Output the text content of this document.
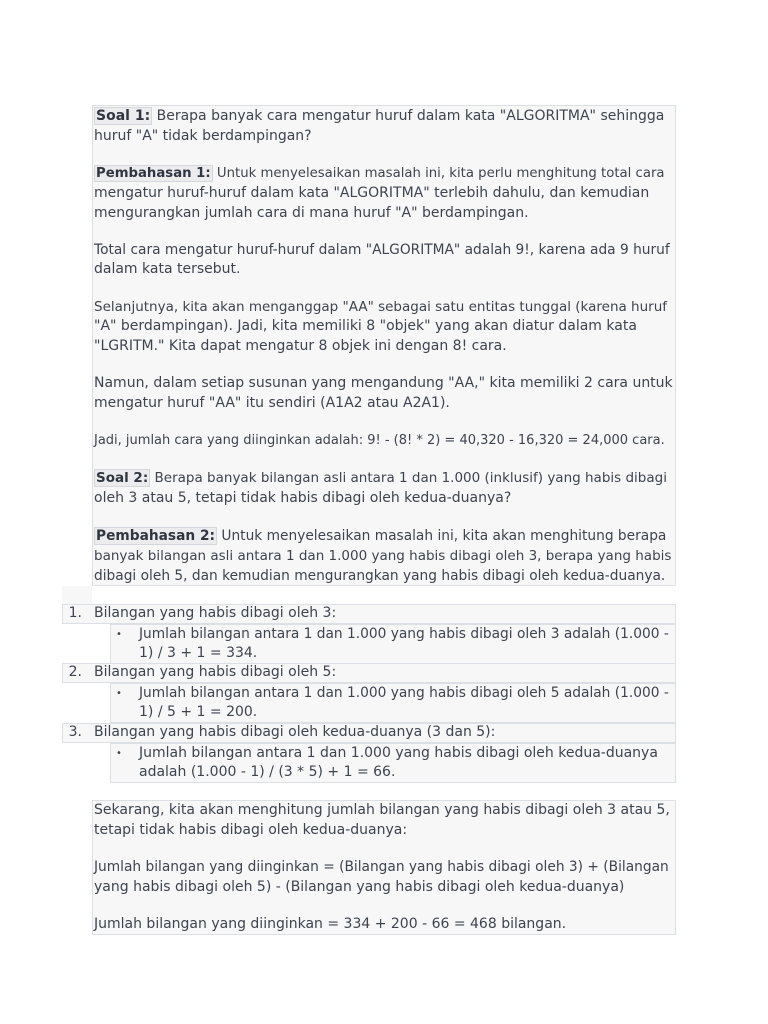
Soal 1: Berapa banyak cara mengatur huruf dalam kata "ALGORITMA" sehingga
huruf "A" tidak berdampingan?
Pembahasan 1: Untuk menyelesaikan masalah ini, kita perlu menghitung total cara
mengatur huruf-huruf dalam kata "ALGORITMA" terlebih dahulu, dan kemudian
mengurangkan jumlah cara di mana huruf "A" berdampingan.
Total cara mengatur huruf-huruf dalam "ALGORITMA" adalah 9!, karena ada 9 huruf
dalam kata tersebut.
Selanjutnya, kita akan menganggap "AA" sebagai satu entitas tunggal (karena huruf
"A" berdampingan). Jadi, kita memiliki 8 "objek" yang akan diatur dalam kata
"LGRITM." Kita dapat mengatur 8 objek ini dengan 8! cara.
Namun, dalam setiap susunan yang mengandung "AA," kita memiliki 2 cara untuk
mengatur huruf "AA" itu sendiri (A1A2 atau A2A1).
Jadi, jumlah cara yang diinginkan adalah: 9! - (8! * 2) = 40,320 - 16,320 = 24,000 cara.
Soal 2: Berapa banyak bilangan asli antara 1 dan 1.000 (inklusif) yang habis dibagi
oleh 3 atau 5, tetapi tidak habis dibagi oleh kedua-duanya?
Pembahasan 2: Untuk menyelesaikan masalah ini, kita akan menghitung berapa
banyak bilangan asli antara 1 dan 1.000 yang habis dibagi oleh 3, berapa yang habis
dibagi oleh 5, dan kemudian mengurangkan yang habis dibagi oleh kedua-duanya.
1. Bilangan yang habis dibagi oleh 3:
• Jumlah bilangan antara 1 dan 1.000 yang habis dibagi oleh 3 adalah (1.000 -
1) / 3 + 1 = 334.
2. Bilangan yang habis dibagi oleh 5:
• Jumlah bilangan antara 1 dan 1.000 yang habis dibagi oleh 5 adalah (1.000 -
1) / 5 + 1 = 200.
3. Bilangan yang habis dibagi oleh kedua-duanya (3 dan 5):
• Jumlah bilangan antara 1 dan 1.000 yang habis dibagi oleh kedua-duanya
adalah (1.000 - 1) / (3 * 5) + 1 = 66.
Sekarang, kita akan menghitung jumlah bilangan yang habis dibagi oleh 3 atau 5,
tetapi tidak habis dibagi oleh kedua-duanya:
Jumlah bilangan yang diinginkan = (Bilangan yang habis dibagi oleh 3) + (Bilangan
yang habis dibagi oleh 5) - (Bilangan yang habis dibagi oleh kedua-duanya)
Jumlah bilangan yang diinginkan = 334 + 200 - 66 = 468 bilangan.
